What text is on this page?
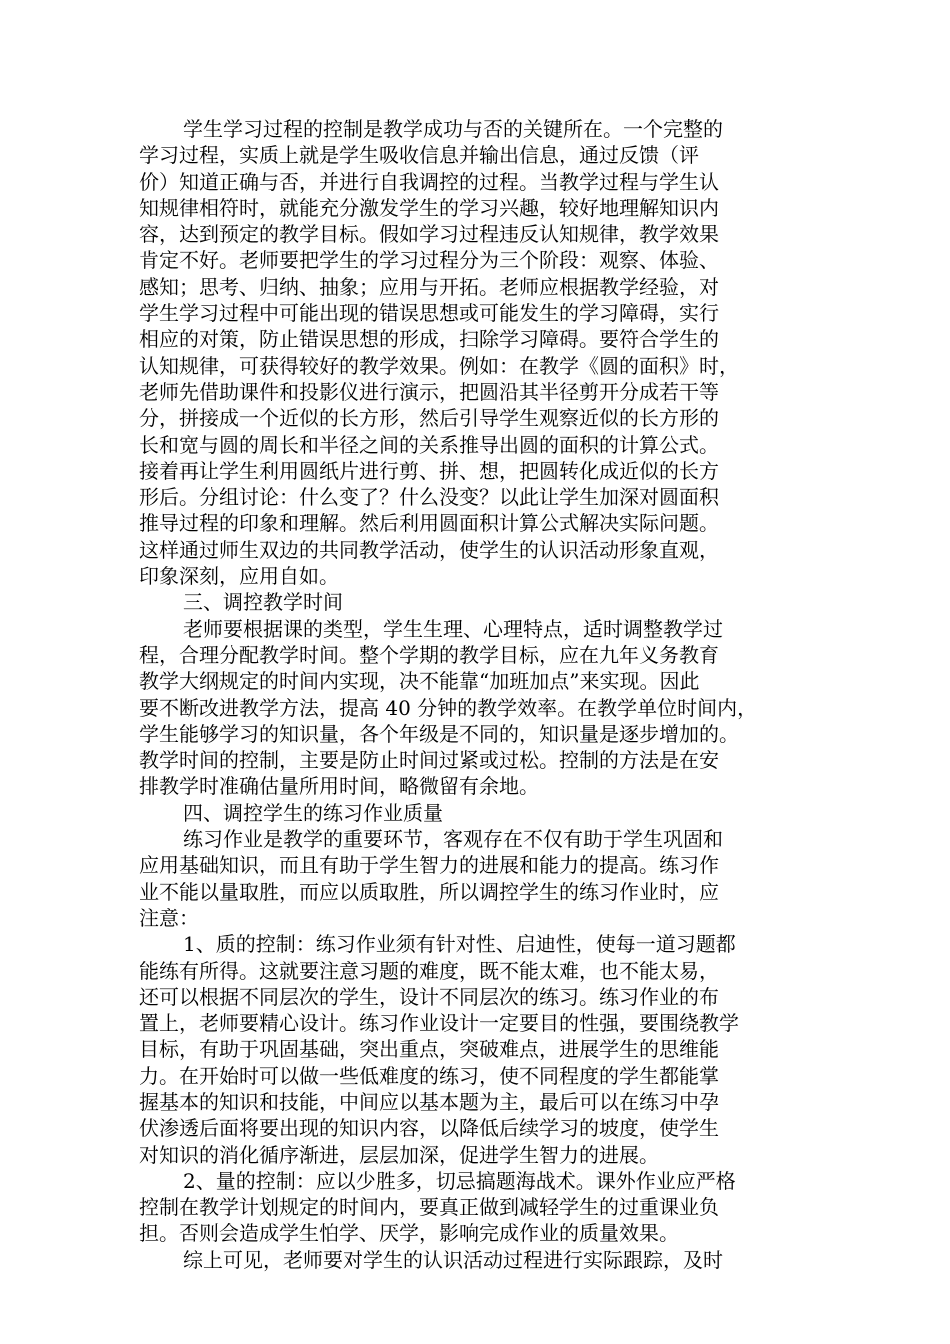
学生学习过程的控制是教学成功与否的关键所在。一个完整的
学习过程，实质上就是学生吸收信息并输出信息，通过反馈（评
价）知道正确与否，并进行自我调控的过程。当教学过程与学生认
知规律相符时，就能充分激发学生的学习兴趣，较好地理解知识内
容，达到预定的教学目标。假如学习过程违反认知规律，教学效果
肯定不好。老师要把学生的学习过程分为三个阶段：观察、体验、
感知；思考、归纳、抽象；应用与开拓。老师应根据教学经验，对
学生学习过程中可能出现的错误思想或可能发生的学习障碍，实行
相应的对策，防止错误思想的形成，扫除学习障碍。要符合学生的
认知规律，可获得较好的教学效果。例如：在教学《圆的面积》时，
老师先借助课件和投影仪进行演示，把圆沿其半径剪开分成若干等
分，拼接成一个近似的长方形，然后引导学生观察近似的长方形的
长和宽与圆的周长和半径之间的关系推导出圆的面积的计算公式。
接着再让学生利用圆纸片进行剪、拼、想，把圆转化成近似的长方
形后。分组讨论：什么变了？什么没变？以此让学生加深对圆面积
推导过程的印象和理解。然后利用圆面积计算公式解决实际问题。
这样通过师生双边的共同教学活动，使学生的认识活动形象直观，
印象深刻，应用自如。
三、调控教学时间
老师要根据课的类型，学生生理、心理特点，适时调整教学过
程，合理分配教学时间。整个学期的教学目标，应在九年义务教育
教学大纲规定的时间内实现，决不能靠“加班加点”来实现。因此
要不断改进教学方法，提高 40 分钟的教学效率。在教学单位时间内，
学生能够学习的知识量，各个年级是不同的，知识量是逐步增加的。
教学时间的控制，主要是防止时间过紧或过松。控制的方法是在安
排教学时准确估量所用时间，略微留有余地。
四、调控学生的练习作业质量
练习作业是教学的重要环节，客观存在不仅有助于学生巩固和
应用基础知识，而且有助于学生智力的进展和能力的提高。练习作
业不能以量取胜，而应以质取胜，所以调控学生的练习作业时，应
注意：
1、质的控制：练习作业须有针对性、启迪性，使每一道习题都
能练有所得。这就要注意习题的难度，既不能太难，也不能太易，
还可以根据不同层次的学生，设计不同层次的练习。练习作业的布
置上，老师要精心设计。练习作业设计一定要目的性强，要围绕教学
目标，有助于巩固基础，突出重点，突破难点，进展学生的思维能
力。在开始时可以做一些低难度的练习，使不同程度的学生都能掌
握基本的知识和技能，中间应以基本题为主，最后可以在练习中孕
伏渗透后面将要出现的知识内容，以降低后续学习的坡度，使学生
对知识的消化循序渐进，层层加深，促进学生智力的进展。
2、量的控制：应以少胜多，切忌搞题海战术。课外作业应严格
控制在教学计划规定的时间内，要真正做到减轻学生的过重课业负
担。否则会造成学生怕学、厌学，影响完成作业的质量效果。
综上可见，老师要对学生的认识活动过程进行实际跟踪，及时
